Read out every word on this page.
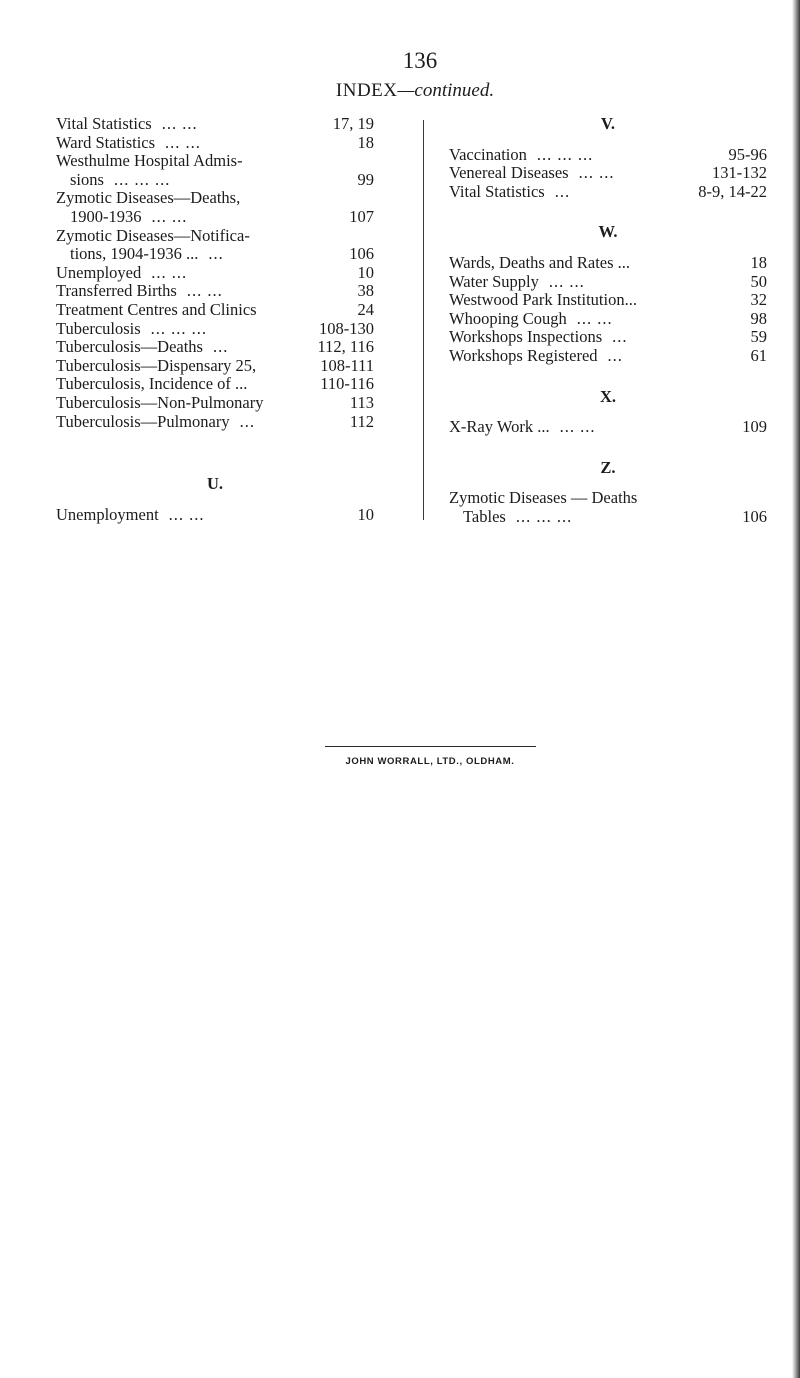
136
INDEX—continued.
Vital Statistics ... ...	17, 19
Ward Statistics ... ...	18
Westhulme Hospital Admis-
sions ... ... ...	99
Zymotic Diseases—Deaths,
1900-1936 ... ...	107
Zymotic Diseases—Notifica-
tions, 1904-1936 ... ...	106
Unemployed ... ...	10
Transferred Births ... ...	38
Treatment Centres and Clinics	24
Tuberculosis ... ... ...	108-130
Tuberculosis—Deaths ...	112, 116
Tuberculosis—Dispensary 25,	108-111
Tuberculosis, Incidence of ...	110-116
Tuberculosis—Non-Pulmonary	113
Tuberculosis—Pulmonary ...	112
U.
Unemployment ... ...	10
V.
Vaccination ... ... ...	95-96
Venereal Diseases ... ...	131-132
Vital Statistics ...	8-9, 14-22
W.
Wards, Deaths and Rates ...	18
Water Supply ... ...	50
Westwood Park Institution...	32
Whooping Cough ... ...	98
Workshops Inspections ...	59
Workshops Registered ...	61
X.
X-Ray Work ... ... ...	109
Z.
Zymotic Diseases — Deaths
Tables ... ... ...	106
JOHN WORRALL, LTD., OLDHAM.
